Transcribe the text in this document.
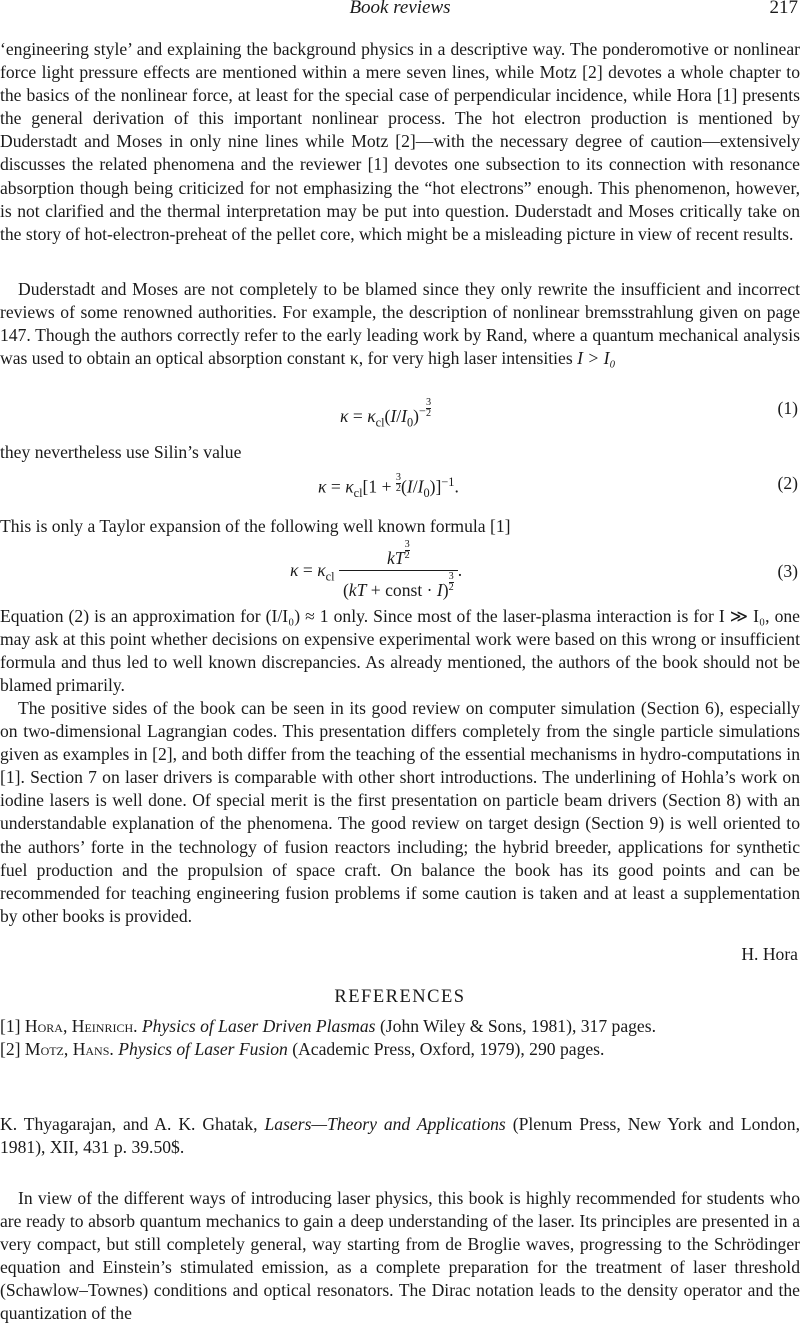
Book reviews	217
‘engineering style’ and explaining the background physics in a descriptive way. The ponderomotive or nonlinear force light pressure effects are mentioned within a mere seven lines, while Motz [2] devotes a whole chapter to the basics of the nonlinear force, at least for the special case of perpendicular incidence, while Hora [1] presents the general derivation of this important nonlinear process. The hot electron production is mentioned by Duderstadt and Moses in only nine lines while Motz [2]—with the necessary degree of caution—extensively discusses the related phenomena and the reviewer [1] devotes one subsection to its connection with resonance absorption though being criticized for not emphasizing the “hot electrons” enough. This phenomenon, however, is not clarified and the thermal interpretation may be put into question. Duderstadt and Moses critically take on the story of hot-electron-preheat of the pellet core, which might be a misleading picture in view of recent results.
Duderstadt and Moses are not completely to be blamed since they only rewrite the insufficient and incorrect reviews of some renowned authorities. For example, the description of nonlinear bremsstrahlung given on page 147. Though the authors correctly refer to the early leading work by Rand, where a quantum mechanical analysis was used to obtain an optical absorption constant κ, for very high laser intensities I > I₀
$\kappa = \kappa_{cl}(I/I_0)^- \frac{3}{2}$	(1)
they nevertheless use Silin’s value
$\kappa = \kappa_{cl}[1 + \frac{3}{2} (I/I_0)]^{-1}$.	(2)
This is only a Taylor expansion of the following well known formula [1]
$\kappa = \kappa_{cl} \frac{kT \frac{3}{2}}{(kT + const \cdot I) \frac{3}{2}}$ .	(3)
Equation (2) is an approximation for (I/I₀) ≈ 1 only. Since most of the laser-plasma interaction is for I ≫ I₀, one may ask at this point whether decisions on expensive experimental work were based on this wrong or insufficient formula and thus led to well known discrepancies. As already mentioned, the authors of the book should not be blamed primarily.
The positive sides of the book can be seen in its good review on computer simulation (Section 6), especially on two-dimensional Lagrangian codes. This presentation differs completely from the single particle simulations given as examples in [2], and both differ from the teaching of the essential mechanisms in hydro-computations in [1]. Section 7 on laser drivers is comparable with other short introductions. The underlining of Hohla’s work on iodine lasers is well done. Of special merit is the first presentation on particle beam drivers (Section 8) with an understandable explanation of the phenomena. The good review on target design (Section 9) is well oriented to the authors’ forte in the technology of fusion reactors including; the hybrid breeder, applications for synthetic fuel production and the propulsion of space craft. On balance the book has its good points and can be recommended for teaching engineering fusion problems if some caution is taken and at least a supplementation by other books is provided.
H. Hora
REFERENCES
[1] Hora, Heinrich. Physics of Laser Driven Plasmas (John Wiley & Sons, 1981), 317 pages.
[2] Motz, Hans. Physics of Laser Fusion (Academic Press, Oxford, 1979), 290 pages.
K. Thyagarajan, and A. K. Ghatak, Lasers—Theory and Applications (Plenum Press, New York and London, 1981), XII, 431 p. 39.50$.
In view of the different ways of introducing laser physics, this book is highly recommended for students who are ready to absorb quantum mechanics to gain a deep understanding of the laser. Its principles are presented in a very compact, but still completely general, way starting from de Broglie waves, progressing to the Schrödinger equation and Einstein’s stimulated emission, as a complete preparation for the treatment of laser threshold (Schawlow–Townes) conditions and optical resonators. The Dirac notation leads to the density operator and the quantization of the
